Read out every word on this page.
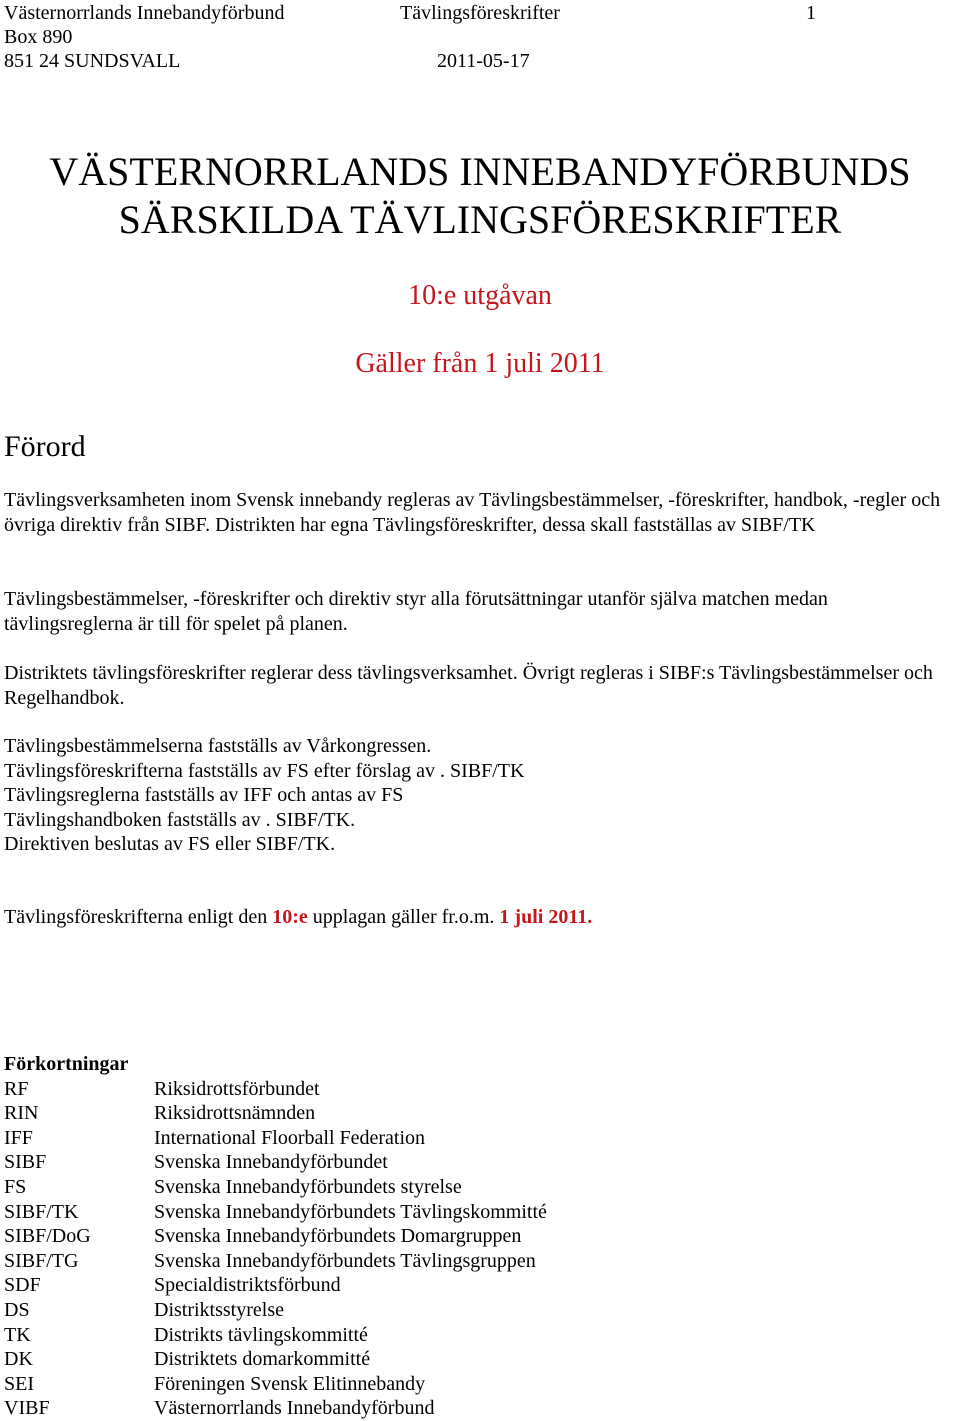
Västernorrlands Innebandyförbund	Tävlingsföreskrifter	1
Box 890
851 24 SUNDSVALL	2011-05-17
VÄSTERNORRLANDS INNEBANDYFÖRBUNDS
SÄRSKILDA TÄVLINGSFÖRESKRIFTER
10:e utgåvan
Gäller från 1 juli 2011
Förord

Tävlingsverksamheten inom Svensk innebandy regleras av Tävlingsbestämmelser, -föreskrifter, handbok, -regler och övriga direktiv från SIBF. Distrikten har egna Tävlingsföreskrifter, dessa skall fastställas av SIBF/TK

Tävlingsbestämmelser, -föreskrifter och direktiv styr alla förutsättningar utanför själva matchen medan tävlingsreglerna är till för spelet på planen.

Distriktets tävlingsföreskrifter reglerar dess tävlingsverksamhet. Övrigt regleras i SIBF:s Tävlingsbestämmelser och Regelhandbok.

Tävlingsbestämmelserna fastställs av Vårkongressen.

Tävlingsföreskrifterna fastställs av FS efter förslag av . SIBF/TK

Tävlingsreglerna fastställs av IFF och antas av FS

Tävlingshandboken fastställs av . SIBF/TK.

Direktiven beslutas av FS eller SIBF/TK.

Tävlingsföreskrifterna enligt den 10:e upplagan gäller fr.o.m. 1 juli 2011.

Förkortningar
RF	Riksidrottsförbundet
RIN	Riksidrottsnämnden
IFF	International Floorball Federation
SIBF	Svenska Innebandyförbundet
FS	Svenska Innebandyförbundets styrelse
SIBF/TK	Svenska Innebandyförbundets Tävlingskommitté
SIBF/DoG	Svenska Innebandyförbundets Domargruppen
SIBF/TG	Svenska Innebandyförbundets Tävlingsgruppen
SDF	Specialdistriktsförbund
DS	Distriktsstyrelse
TK	Distrikts tävlingskommitté
DK	Distriktets domarkommitté
SEI	Föreningen Svensk Elitinnebandy
VIBF	Västernorrlands Innebandyförbund
